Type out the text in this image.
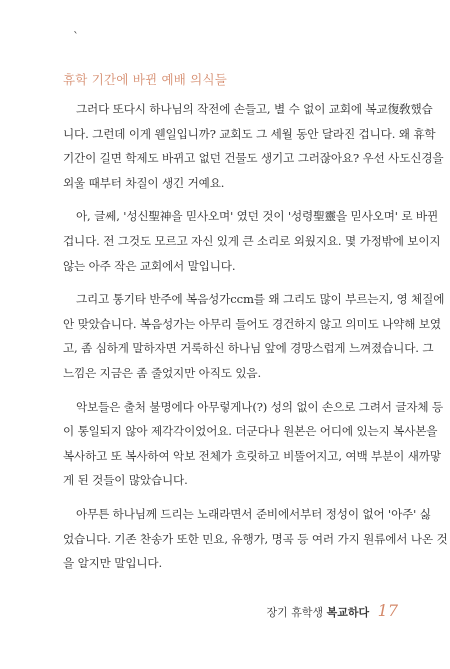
`
휴학 기간에 바뀐 예배 의식들
그러다 또다시 하나님의 작전에 손들고, 별 수 없이 교회에 복교復敎했습
니다. 그런데 이게 웬일입니까? 교회도 그 세월 동안 달라진 겁니다. 왜 휴학
기간이 길면 학제도 바뀌고 없던 건물도 생기고 그러잖아요? 우선 사도신경을
외울 때부터 차질이 생긴 거예요.
아, 글쎄, '성신聖神을 믿사오며' 였던 것이 '성령聖靈을 믿사오며' 로 바뀐
겁니다. 전 그것도 모르고 자신 있게 큰 소리로 외웠지요. 몇 가정밖에 보이지
않는 아주 작은 교회에서 말입니다.
그리고 통기타 반주에 복음성가ccm를 왜 그리도 많이 부르는지, 영 체질에
안 맞았습니다. 복음성가는 아무리 들어도 경건하지 않고 의미도 나약해 보였
고, 좀 심하게 말하자면 거룩하신 하나님 앞에 경망스럽게 느껴졌습니다. 그
느낌은 지금은 좀 줄었지만 아직도 있음.
악보들은 출처 불명에다 아무렇게나(?) 성의 없이 손으로 그려서 글자체 등
이 통일되지 않아 제각각이었어요. 더군다나 원본은 어디에 있는지 복사본을
복사하고 또 복사하여 악보 전체가 흐릿하고 비뚤어지고, 여백 부분이 새까맣
게 된 것들이 많았습니다.
아무튼 하나님께 드리는 노래라면서 준비에서부터 정성이 없어 '아주' 싫
었습니다. 기존 찬송가 또한 민요, 유행가, 명곡 등 여러 가지 원류에서 나온 것
을 알지만 말입니다.
장기 휴학생 복교하다 17
